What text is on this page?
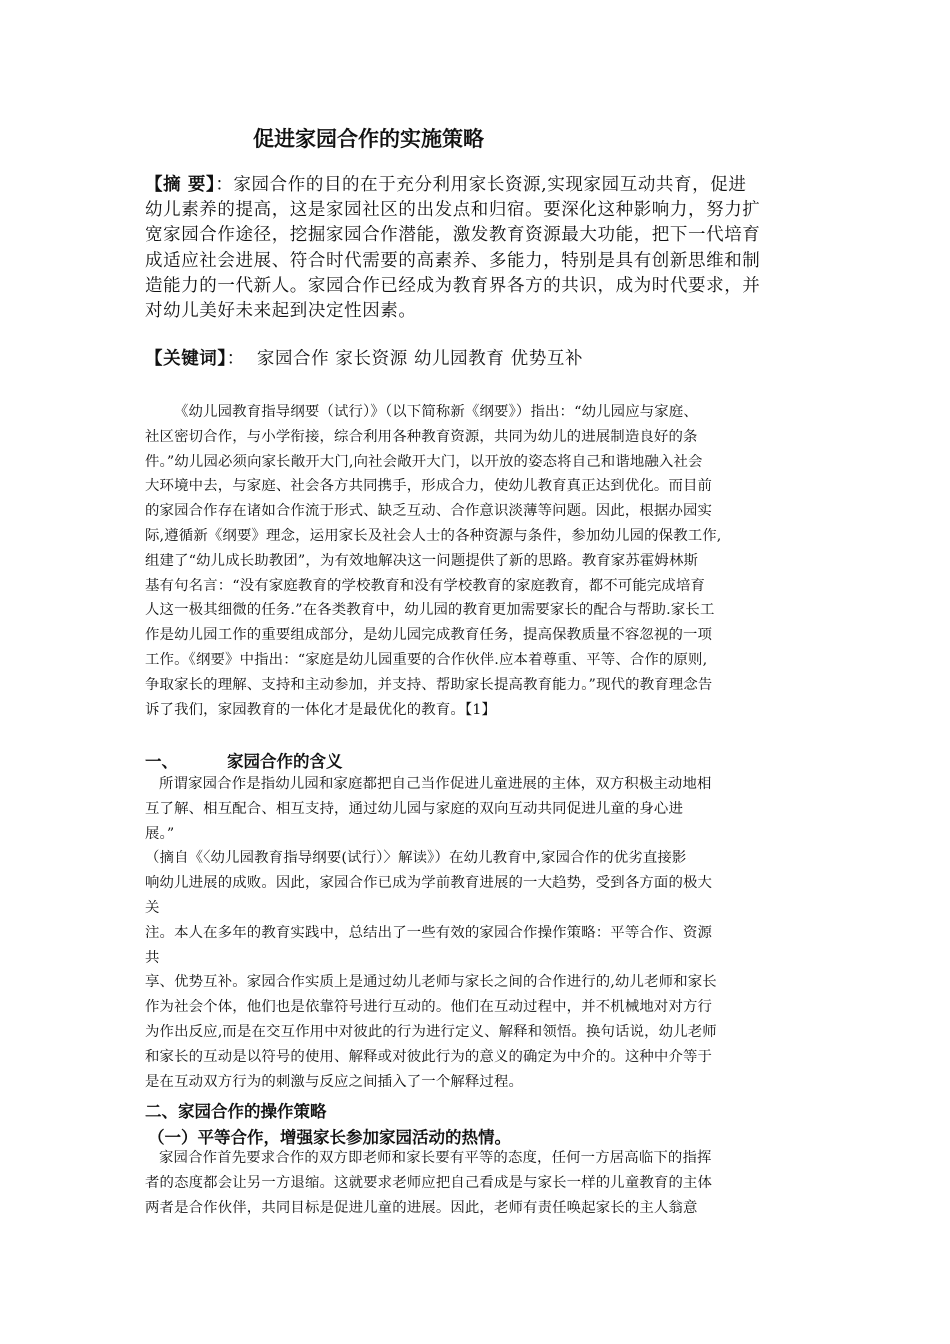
促进家园合作的实施策略
【摘 要】：家园合作的目的在于充分利用家长资源,实现家园互动共育，促进
幼儿素养的提高，这是家园社区的出发点和归宿。要深化这种影响力，努力扩
宽家园合作途径，挖掘家园合作潜能，激发教育资源最大功能，把下一代培育
成适应社会进展、符合时代需要的高素养、多能力，特别是具有创新思维和制
造能力的一代新人。家园合作已经成为教育界各方的共识，成为时代要求，并
对幼儿美好未来起到决定性因素。
【关键词】： 家园合作 家长资源 幼儿园教育 优势互补
《幼儿园教育指导纲要（试行）》（以下简称新《纲要》）指出：“幼儿园应与家庭、
社区密切合作，与小学衔接，综合利用各种教育资源，共同为幼儿的进展制造良好的条
件。”幼儿园必须向家长敞开大门,向社会敞开大门，以开放的姿态将自己和谐地融入社会
大环境中去，与家庭、社会各方共同携手，形成合力，使幼儿教育真正达到优化。而目前
的家园合作存在诸如合作流于形式、缺乏互动、合作意识淡薄等问题。因此，根据办园实
际,遵循新《纲要》理念，运用家长及社会人士的各种资源与条件，参加幼儿园的保教工作,
组建了“幼儿成长助教团”，为有效地解决这一问题提供了新的思路。教育家苏霍姆林斯
基有句名言：“没有家庭教育的学校教育和没有学校教育的家庭教育，都不可能完成培育
人这一极其细微的任务.”在各类教育中，幼儿园的教育更加需要家长的配合与帮助.家长工
作是幼儿园工作的重要组成部分，是幼儿园完成教育任务，提高保教质量不容忽视的一项
工作。《纲要》中指出：“家庭是幼儿园重要的合作伙伴.应本着尊重、平等、合作的原则,
争取家长的理解、支持和主动参加，并支持、帮助家长提高教育能力。”现代的教育理念告
诉了我们，家园教育的一体化才是最优化的教育。【1】
一、	家园合作的含义
所谓家园合作是指幼儿园和家庭都把自己当作促进儿童进展的主体，双方积极主动地相
互了解、相互配合、相互支持，通过幼儿园与家庭的双向互动共同促进儿童的身心进
展。”
（摘自《〈幼儿园教育指导纲要(试行）〉解读》）在幼儿教育中,家园合作的优劣直接影
响幼儿进展的成败。因此，家园合作已成为学前教育进展的一大趋势，受到各方面的极大
关
注。本人在多年的教育实践中，总结出了一些有效的家园合作操作策略：平等合作、资源
共
享、优势互补。家园合作实质上是通过幼儿老师与家长之间的合作进行的,幼儿老师和家长
作为社会个体，他们也是依靠符号进行互动的。他们在互动过程中，并不机械地对对方行
为作出反应,而是在交互作用中对彼此的行为进行定义、解释和领悟。换句话说，幼儿老师
和家长的互动是以符号的使用、解释或对彼此行为的意义的确定为中介的。这种中介等于
是在互动双方行为的刺激与反应之间插入了一个解释过程。
二、家园合作的操作策略
（一）平等合作，增强家长参加家园活动的热情。
家园合作首先要求合作的双方即老师和家长要有平等的态度，任何一方居高临下的指挥
者的态度都会让另一方退缩。这就要求老师应把自己看成是与家长一样的儿童教育的主体
两者是合作伙伴，共同目标是促进儿童的进展。因此，老师有责任唤起家长的主人翁意
